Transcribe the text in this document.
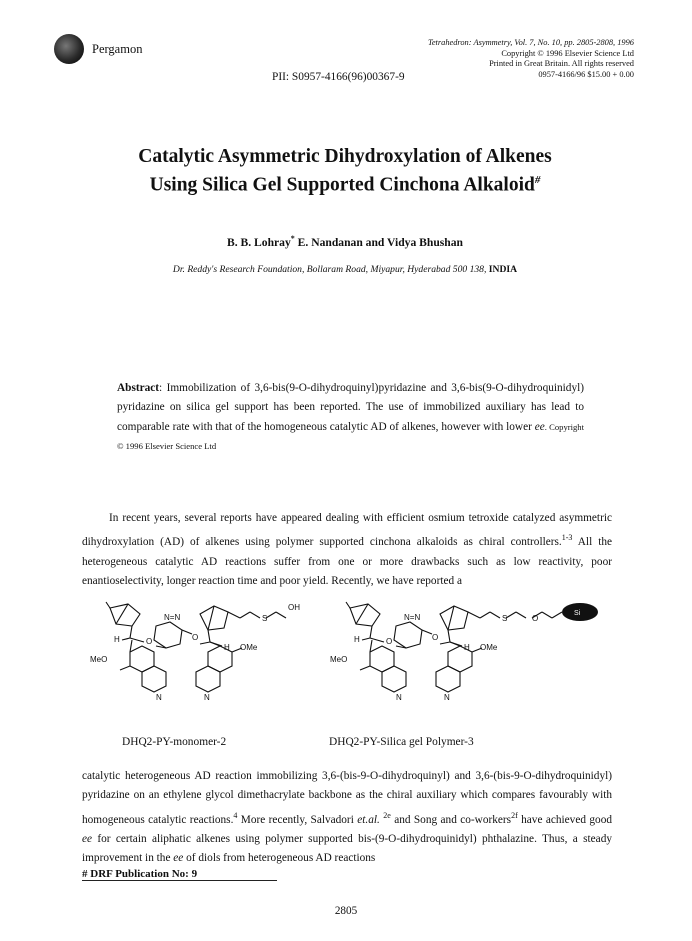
Pergamon	Tetrahedron: Asymmetry, Vol. 7, No. 10, pp. 2805-2808, 1996
Copyright © 1996 Elsevier Science Ltd
Printed in Great Britain. All rights reserved
0957-4166/96 $15.00 + 0.00
PII: S0957-4166(96)00367-9
Catalytic Asymmetric Dihydroxylation of Alkenes
Using Silica Gel Supported Cinchona Alkaloid#
B. B. Lohray* E. Nandanan and Vidya Bhushan
Dr. Reddy's Research Foundation, Bollaram Road, Miyapur, Hyderabad 500 138, INDIA
Abstract: Immobilization of 3,6-bis(9-O-dihydroquinyl)pyridazine and 3,6-bis(9-O-dihydroquinidyl) pyridazine on silica gel support has been reported. The use of immobilized auxiliary has lead to comparable rate with that of the homogeneous catalytic AD of alkenes, however with lower ee. Copyright © 1996 Elsevier Science Ltd
In recent years, several reports have appeared dealing with efficient osmium tetroxide catalyzed asymmetric dihydroxylation (AD) of alkenes using polymer supported cinchona alkaloids as chiral controllers.$^{1-3}$ All the heterogeneous catalytic AD reactions suffer from one or more drawbacks such as low reactivity, poor enantioselectivity, longer reaction time and poor yield. Recently, we have reported a
N=N
OH
S
MeO
OMe
H
H
O	O
N	N
N=N	S	O
MeO
OMe
H
H
O	O
N	N
Si
DHQ2-PY-monomer-2	DHQ2-PY-Silica gel Polymer-3
catalytic heterogeneous AD reaction immobilizing 3,6-(bis-9-O-dihydroquinyl) and 3,6-(bis-9-O-dihydroquinidyl) pyridazine on an ethylene glycol dimethacrylate backbone as the chiral auxiliary which compares favourably with homogeneous catalytic reactions.$^4$ More recently, Salvadori et.al. $^{2e}$ and Song and co-workers$^{2f}$ have achieved good ee for certain aliphatic alkenes using polymer supported bis-(9-O-dihydroquinidyl) phthalazine. Thus, a steady improvement in the ee of diols from heterogeneous AD reactions
# DRF Publication No: 9
2805
